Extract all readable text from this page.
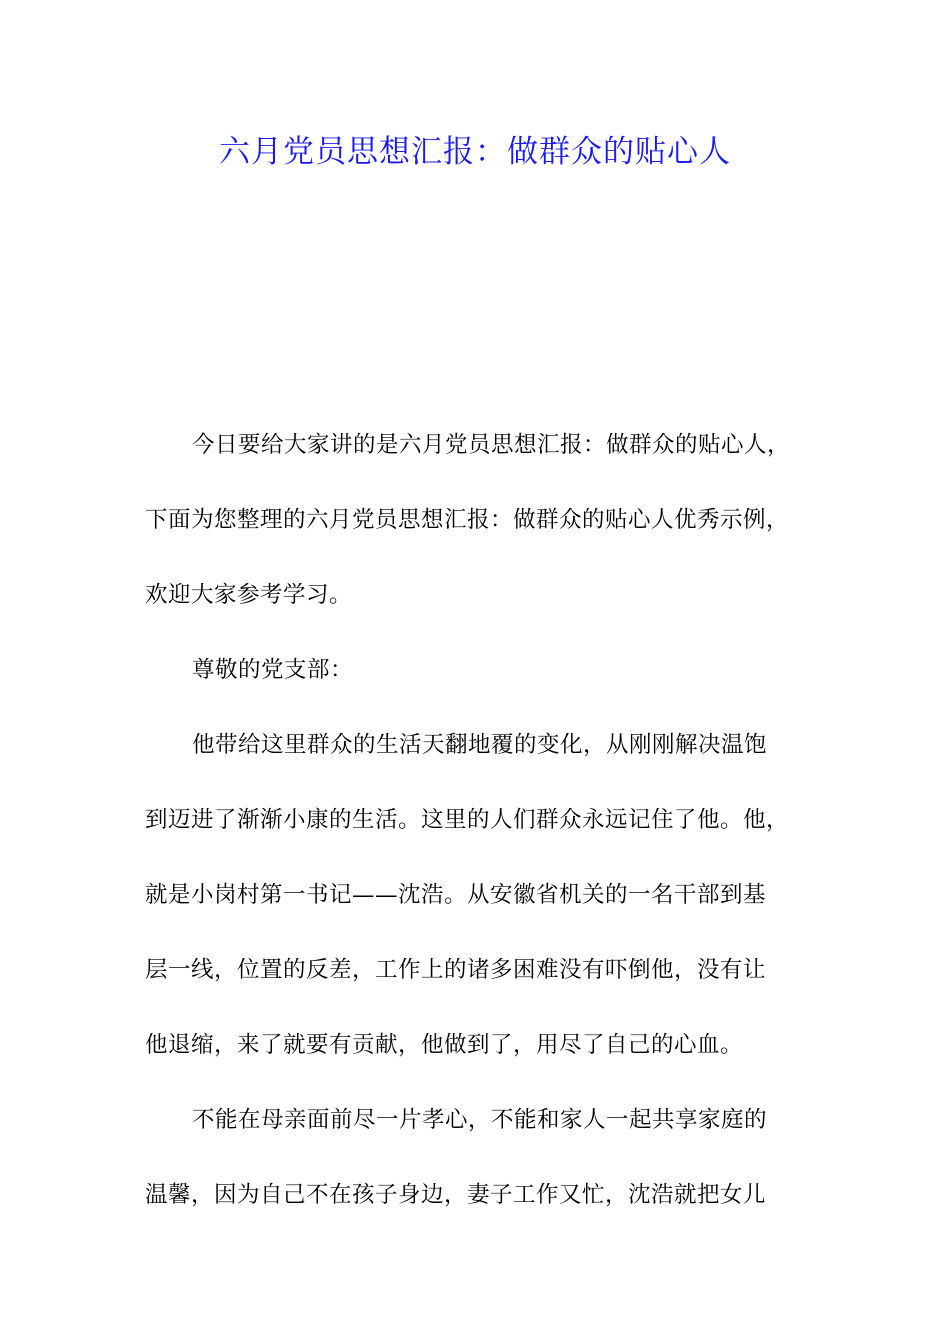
六月党员思想汇报：做群众的贴心人
今日要给大家讲的是六月党员思想汇报：做群众的贴心人，
下面为您整理的六月党员思想汇报：做群众的贴心人优秀示例，
欢迎大家参考学习。
尊敬的党支部：
他带给这里群众的生活天翻地覆的变化，从刚刚解决温饱
到迈进了渐渐小康的生活。这里的人们群众永远记住了他。他，
就是小岗村第一书记——沈浩。从安徽省机关的一名干部到基
层一线，位置的反差，工作上的诸多困难没有吓倒他，没有让
他退缩，来了就要有贡献，他做到了，用尽了自己的心血。
不能在母亲面前尽一片孝心，不能和家人一起共享家庭的
温馨，因为自己不在孩子身边，妻子工作又忙，沈浩就把女儿
